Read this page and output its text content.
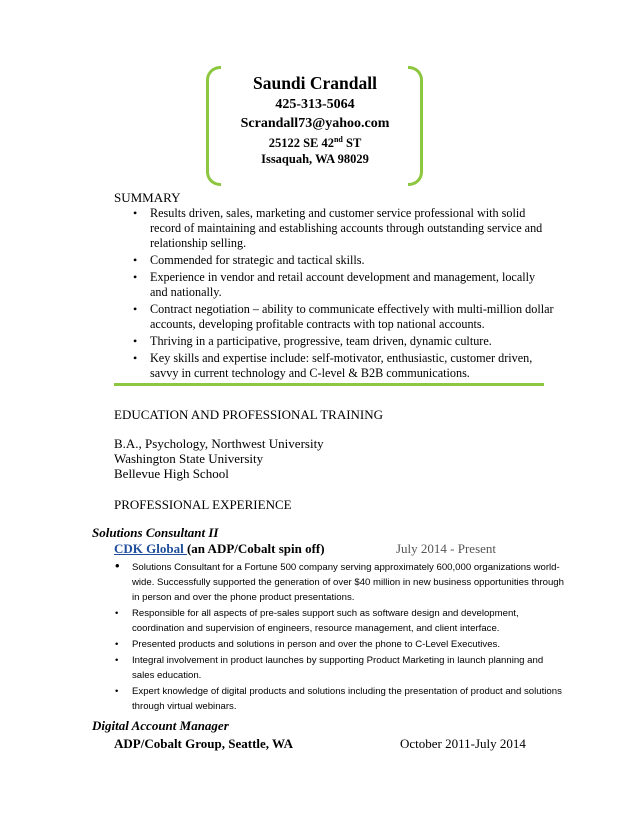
Saundi Crandall
425-313-5064
Scrandall73@yahoo.com
25122 SE 42nd ST
Issaquah, WA 98029
SUMMARY
• Results driven, sales, marketing and customer service professional with solid record of maintaining and establishing accounts through outstanding service and relationship selling.
• Commended for strategic and tactical skills.
• Experience in vendor and retail account development and management, locally and nationally.
• Contract negotiation – ability to communicate effectively with multi-million dollar accounts, developing profitable contracts with top national accounts.
• Thriving in a participative, progressive, team driven, dynamic culture.
• Key skills and expertise include: self-motivator, enthusiastic, customer driven, savvy in current technology and C-level & B2B communications.
EDUCATION AND PROFESSIONAL TRAINING
B.A., Psychology, Northwest University
Washington State University
Bellevue High School
PROFESSIONAL EXPERIENCE
Solutions Consultant II
CDK Global (an ADP/Cobalt spin off)	July 2014 - Present
• Solutions Consultant for a Fortune 500 company serving approximately 600,000 organizations world-wide. Successfully supported the generation of over $40 million in new business opportunities through in person and over the phone product presentations.
• Responsible for all aspects of pre-sales support such as software design and development, coordination and supervision of engineers, resource management, and client interface.
• Presented products and solutions in person and over the phone to C-Level Executives.
• Integral involvement in product launches by supporting Product Marketing in launch planning and sales education.
• Expert knowledge of digital products and solutions including the presentation of product and solutions through virtual webinars.
Digital Account Manager
ADP/Cobalt Group, Seattle, WA	October 2011-July 2014
